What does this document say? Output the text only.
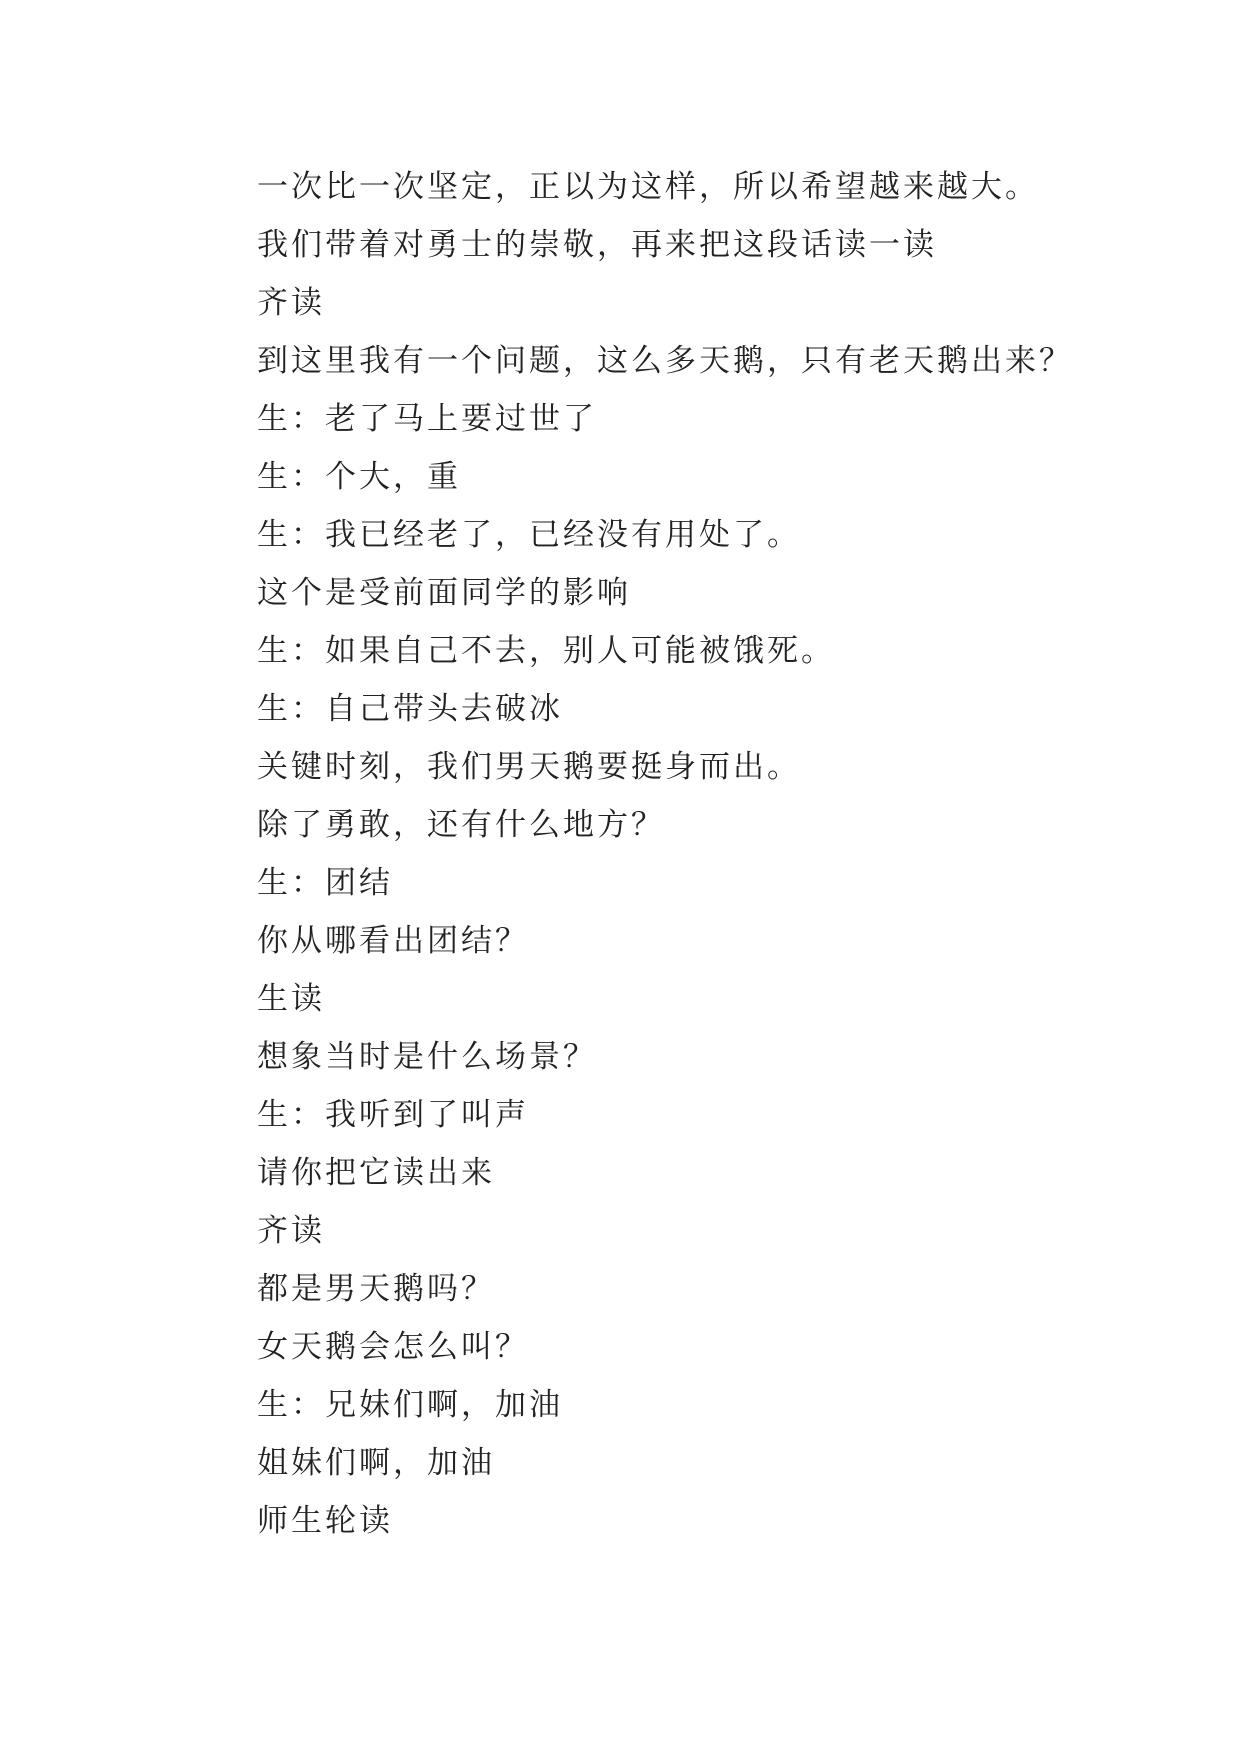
一次比一次坚定，正以为这样，所以希望越来越大。

我们带着对勇士的崇敬，再来把这段话读一读

齐读

到这里我有一个问题，这么多天鹅，只有老天鹅出来？

生：老了马上要过世了

生：个大，重

生：我已经老了，已经没有用处了。

这个是受前面同学的影响

生：如果自己不去，别人可能被饿死。

生：自己带头去破冰

关键时刻，我们男天鹅要挺身而出。

除了勇敢，还有什么地方？

生：团结

你从哪看出团结？

生读

想象当时是什么场景？

生：我听到了叫声

请你把它读出来

齐读

都是男天鹅吗？

女天鹅会怎么叫？

生：兄妹们啊，加油

姐妹们啊，加油

师生轮读
